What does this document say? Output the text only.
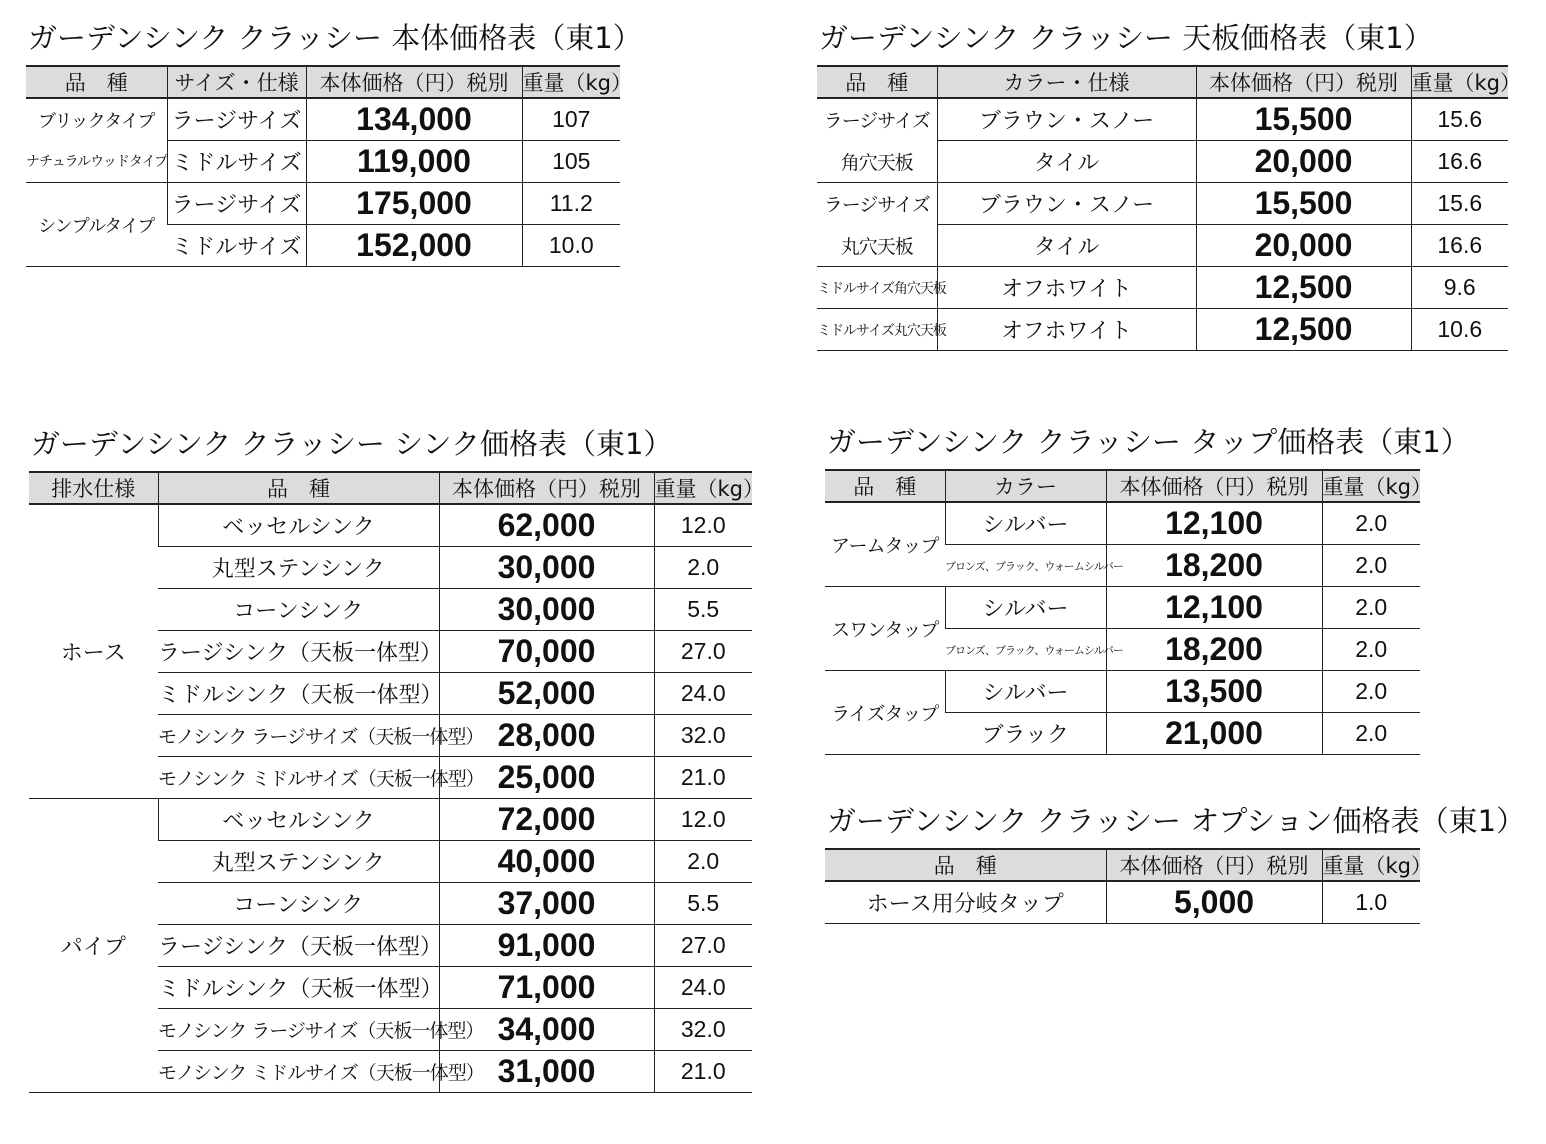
ガーデンシンク クラッシー 本体価格表（東1）
品　種	サイズ・仕様	本体価格（円）税別	重量（kg）
ブリックタイプ	ラージサイズ	134,000	107
ナチュラルウッドタイプ	ミドルサイズ	119,000	105
シンプルタイプ	ラージサイズ	175,000	11.2
	ミドルサイズ	152,000	10.0
ガーデンシンク クラッシー 天板価格表（東1）
品　種	カラー・仕様	本体価格（円）税別	重量（kg）
ラージサイズ	ブラウン・スノー	15,500	15.6
角穴天板	タイル	20,000	16.6
ラージサイズ	ブラウン・スノー	15,500	15.6
丸穴天板	タイル	20,000	16.6
ミドルサイズ角穴天板	オフホワイト	12,500	9.6
ミドルサイズ丸穴天板	オフホワイト	12,500	10.6
ガーデンシンク クラッシー シンク価格表（東1）
排水仕様	品　種	本体価格（円）税別	重量（kg）
ホース	ベッセルシンク	62,000	12.0
	丸型ステンシンク	30,000	2.0
	コーンシンク	30,000	5.5
	ラージシンク（天板一体型）	70,000	27.0
	ミドルシンク（天板一体型）	52,000	24.0
	モノシンク ラージサイズ（天板一体型）	28,000	32.0
	モノシンク ミドルサイズ（天板一体型）	25,000	21.0
パイプ	ベッセルシンク	72,000	12.0
	丸型ステンシンク	40,000	2.0
	コーンシンク	37,000	5.5
	ラージシンク（天板一体型）	91,000	27.0
	ミドルシンク（天板一体型）	71,000	24.0
	モノシンク ラージサイズ（天板一体型）	34,000	32.0
	モノシンク ミドルサイズ（天板一体型）	31,000	21.0
ガーデンシンク クラッシー タップ価格表（東1）
品　種	カラー	本体価格（円）税別	重量（kg）
アームタップ	シルバー	12,100	2.0
	ブロンズ、ブラック、ウォームシルバー	18,200	2.0
スワンタップ	シルバー	12,100	2.0
	ブロンズ、ブラック、ウォームシルバー	18,200	2.0
ライズタップ	シルバー	13,500	2.0
	ブラック	21,000	2.0
ガーデンシンク クラッシー オプション価格表（東1）
品　種	本体価格（円）税別	重量（kg）
ホース用分岐タップ	5,000	1.0
